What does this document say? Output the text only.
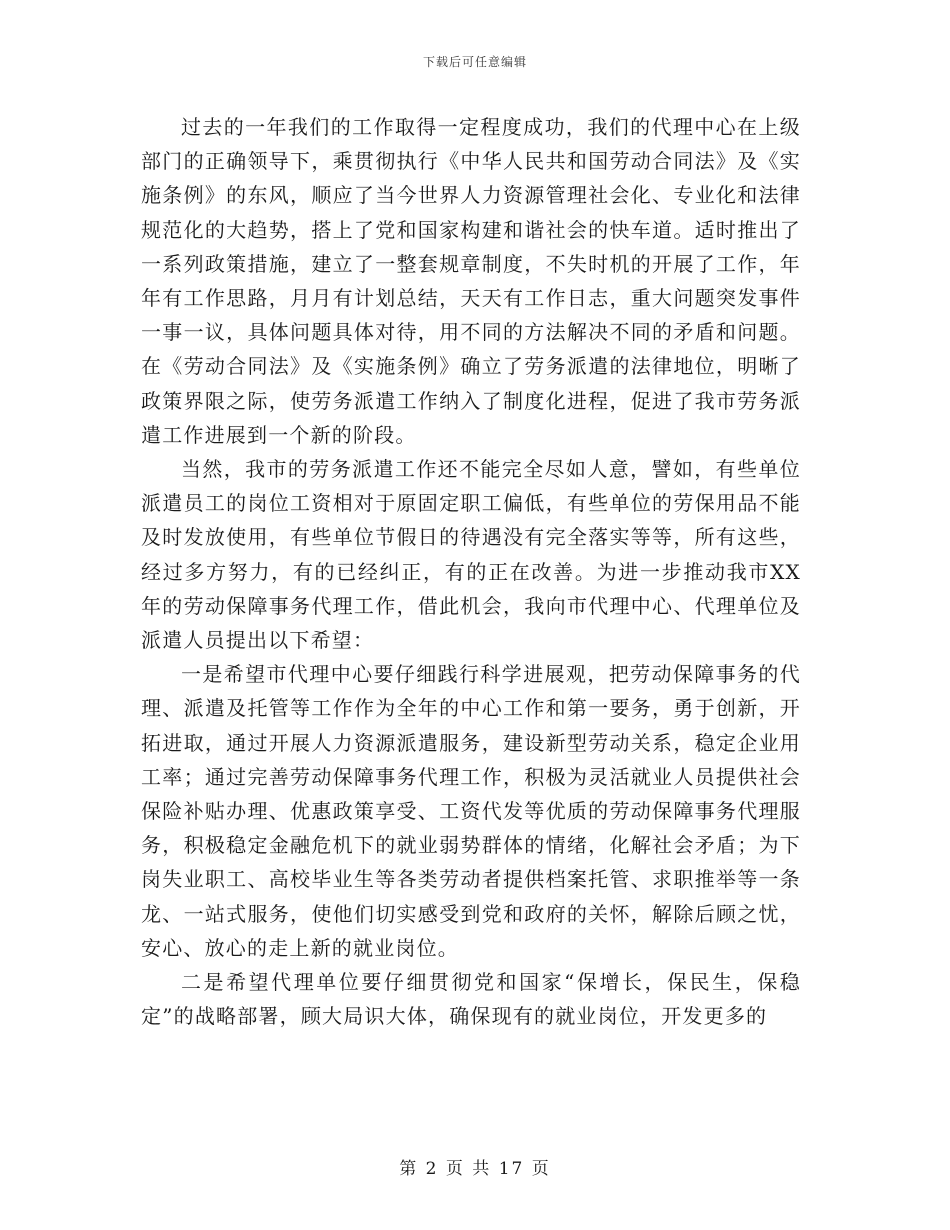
下载后可任意编辑

过去的一年我们的工作取得一定程度成功，我们的代理中心在上级部门的正确领导下，乘贯彻执行《中华人民共和国劳动合同法》及《实施条例》的东风，顺应了当今世界人力资源管理社会化、专业化和法律规范化的大趋势，搭上了党和国家构建和谐社会的快车道。适时推出了一系列政策措施，建立了一整套规章制度，不失时机的开展了工作，年年有工作思路，月月有计划总结，天天有工作日志，重大问题突发事件一事一议，具体问题具体对待，用不同的方法解决不同的矛盾和问题。在《劳动合同法》及《实施条例》确立了劳务派遣的法律地位，明晰了政策界限之际，使劳务派遣工作纳入了制度化进程，促进了我市劳务派遣工作进展到一个新的阶段。

当然，我市的劳务派遣工作还不能完全尽如人意，譬如，有些单位派遣员工的岗位工资相对于原固定职工偏低，有些单位的劳保用品不能及时发放使用，有些单位节假日的待遇没有完全落实等等，所有这些，经过多方努力，有的已经纠正，有的正在改善。为进一步推动我市XX年的劳动保障事务代理工作，借此机会，我向市代理中心、代理单位及派遣人员提出以下希望：

一是希望市代理中心要仔细践行科学进展观，把劳动保障事务的代理、派遣及托管等工作作为全年的中心工作和第一要务，勇于创新，开拓进取，通过开展人力资源派遣服务，建设新型劳动关系，稳定企业用工率；通过完善劳动保障事务代理工作，积极为灵活就业人员提供社会保险补贴办理、优惠政策享受、工资代发等优质的劳动保障事务代理服务，积极稳定金融危机下的就业弱势群体的情绪，化解社会矛盾；为下岗失业职工、高校毕业生等各类劳动者提供档案托管、求职推举等一条龙、一站式服务，使他们切实感受到党和政府的关怀，解除后顾之忧，安心、放心的走上新的就业岗位。

二是希望代理单位要仔细贯彻党和国家“保增长，保民生，保稳定”的战略部署，顾大局识大体，确保现有的就业岗位，开发更多的

第 2 页 共 17 页
